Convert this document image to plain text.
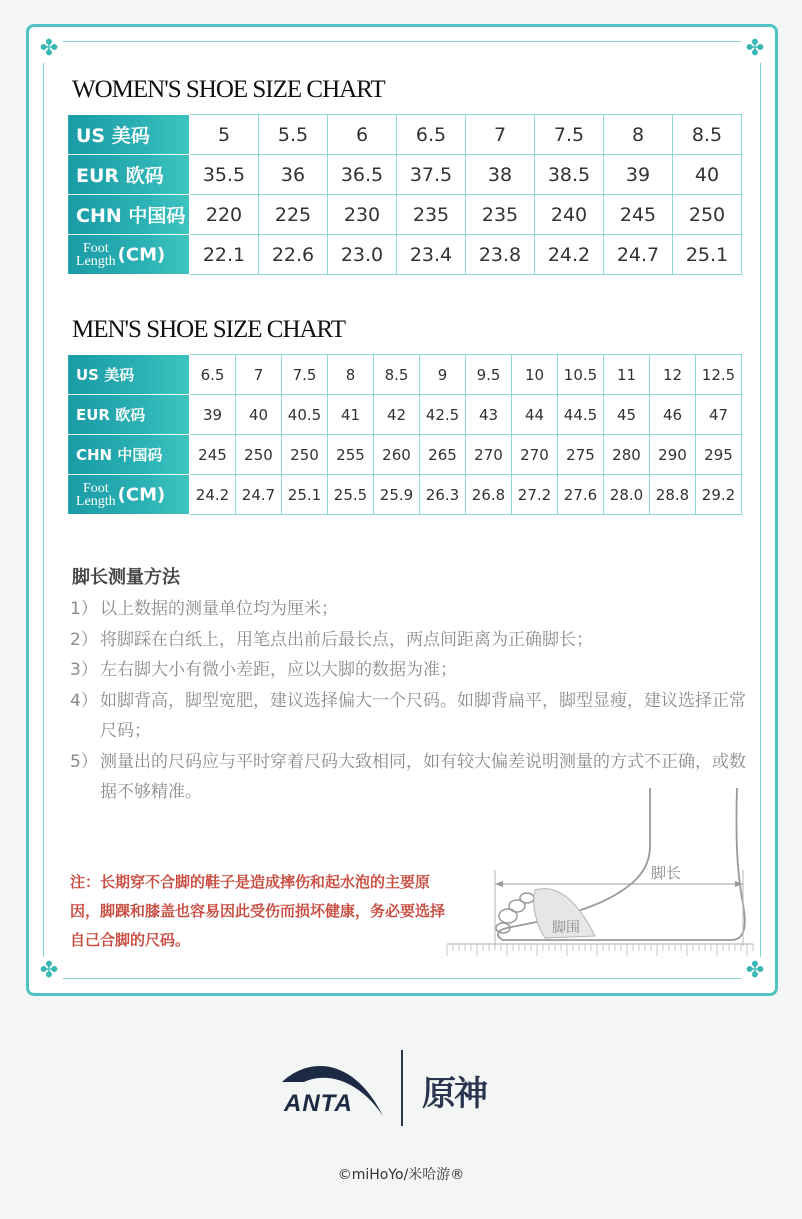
✤	✤
✤	✤
WOMEN'S SHOE SIZE CHART
US 美码	5	5.5	6	6.5	7	7.5	8	8.5
EUR 欧码	35.5	36	36.5	37.5	38	38.5	39	40
CHN 中国码	220	225	230	235	235	240	245	250
Foot
Length (CM)	22.1	22.6	23.0	23.4	23.8	24.2	24.7	25.1
MEN'S SHOE SIZE CHART
US 美码	6.5	7	7.5	8	8.5	9	9.5	10	10.5	11	12	12.5
EUR 欧码	39	40	40.5	41	42	42.5	43	44	44.5	45	46	47
CHN 中国码	245	250	250	255	260	265	270	270	275	280	290	295
Foot
Length (CM)	24.2	24.7	25.1	25.5	25.9	26.3	26.8	27.2	27.6	28.0	28.8	29.2
脚长测量方法
1） 以上数据的测量单位均为厘米；
2） 将脚踩在白纸上，用笔点出前后最长点，两点间距离为正确脚长；
3） 左右脚大小有微小差距，应以大脚的数据为准；
4） 如脚背高，脚型宽肥，建议选择偏大一个尺码。如脚背扁平，脚型显瘦，建议选择正常尺码；
5） 测量出的尺码应与平时穿着尺码大致相同，如有较大偏差说明测量的方式不正确，或数据不够精准。
注：长期穿不合脚的鞋子是造成摔伤和起水泡的主要原因，脚踝和膝盖也容易因此受伤而损坏健康，务必要选择自己合脚的尺码。
脚长
脚围
ANTA 原神
©miHoYo/米哈游®
